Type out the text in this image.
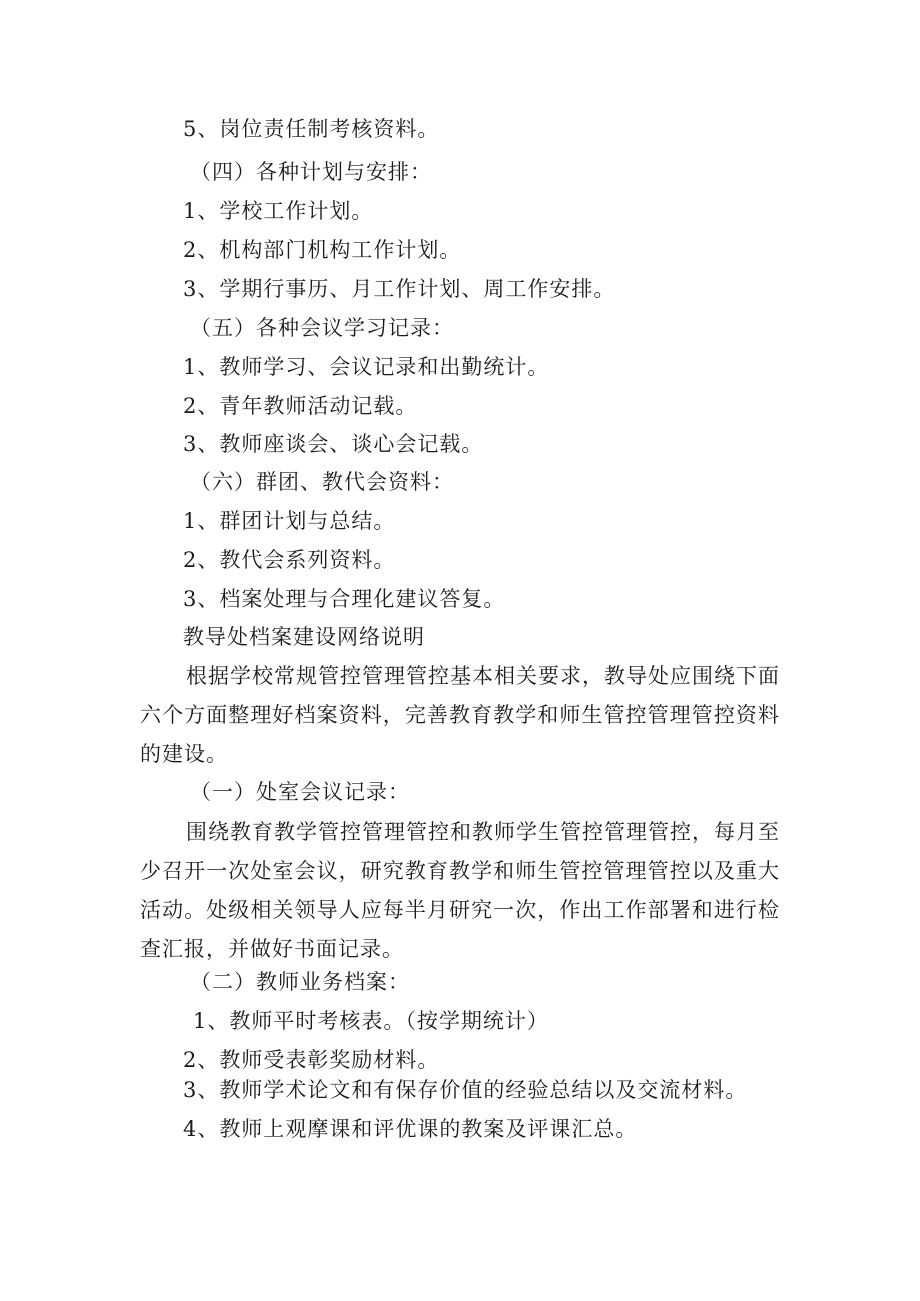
5、岗位责任制考核资料。
（四）各种计划与安排：
1、学校工作计划。
2、机构部门机构工作计划。
3、学期行事历、月工作计划、周工作安排。
（五）各种会议学习记录：
1、教师学习、会议记录和出勤统计。
2、青年教师活动记载。
3、教师座谈会、谈心会记载。
（六）群团、教代会资料：
1、群团计划与总结。
2、教代会系列资料。
3、档案处理与合理化建议答复。
教导处档案建设网络说明
根据学校常规管控管理管控基本相关要求，教导处应围绕下面六个方面整理好档案资料，完善教育教学和师生管控管理管控资料的建设。
（一）处室会议记录：
围绕教育教学管控管理管控和教师学生管控管理管控，每月至少召开一次处室会议，研究教育教学和师生管控管理管控以及重大活动。处级相关领导人应每半月研究一次，作出工作部署和进行检查汇报，并做好书面记录。
（二）教师业务档案：
1、教师平时考核表。（按学期统计）
2、教师受表彰奖励材料。
3、教师学术论文和有保存价值的经验总结以及交流材料。
4、教师上观摩课和评优课的教案及评课汇总。
